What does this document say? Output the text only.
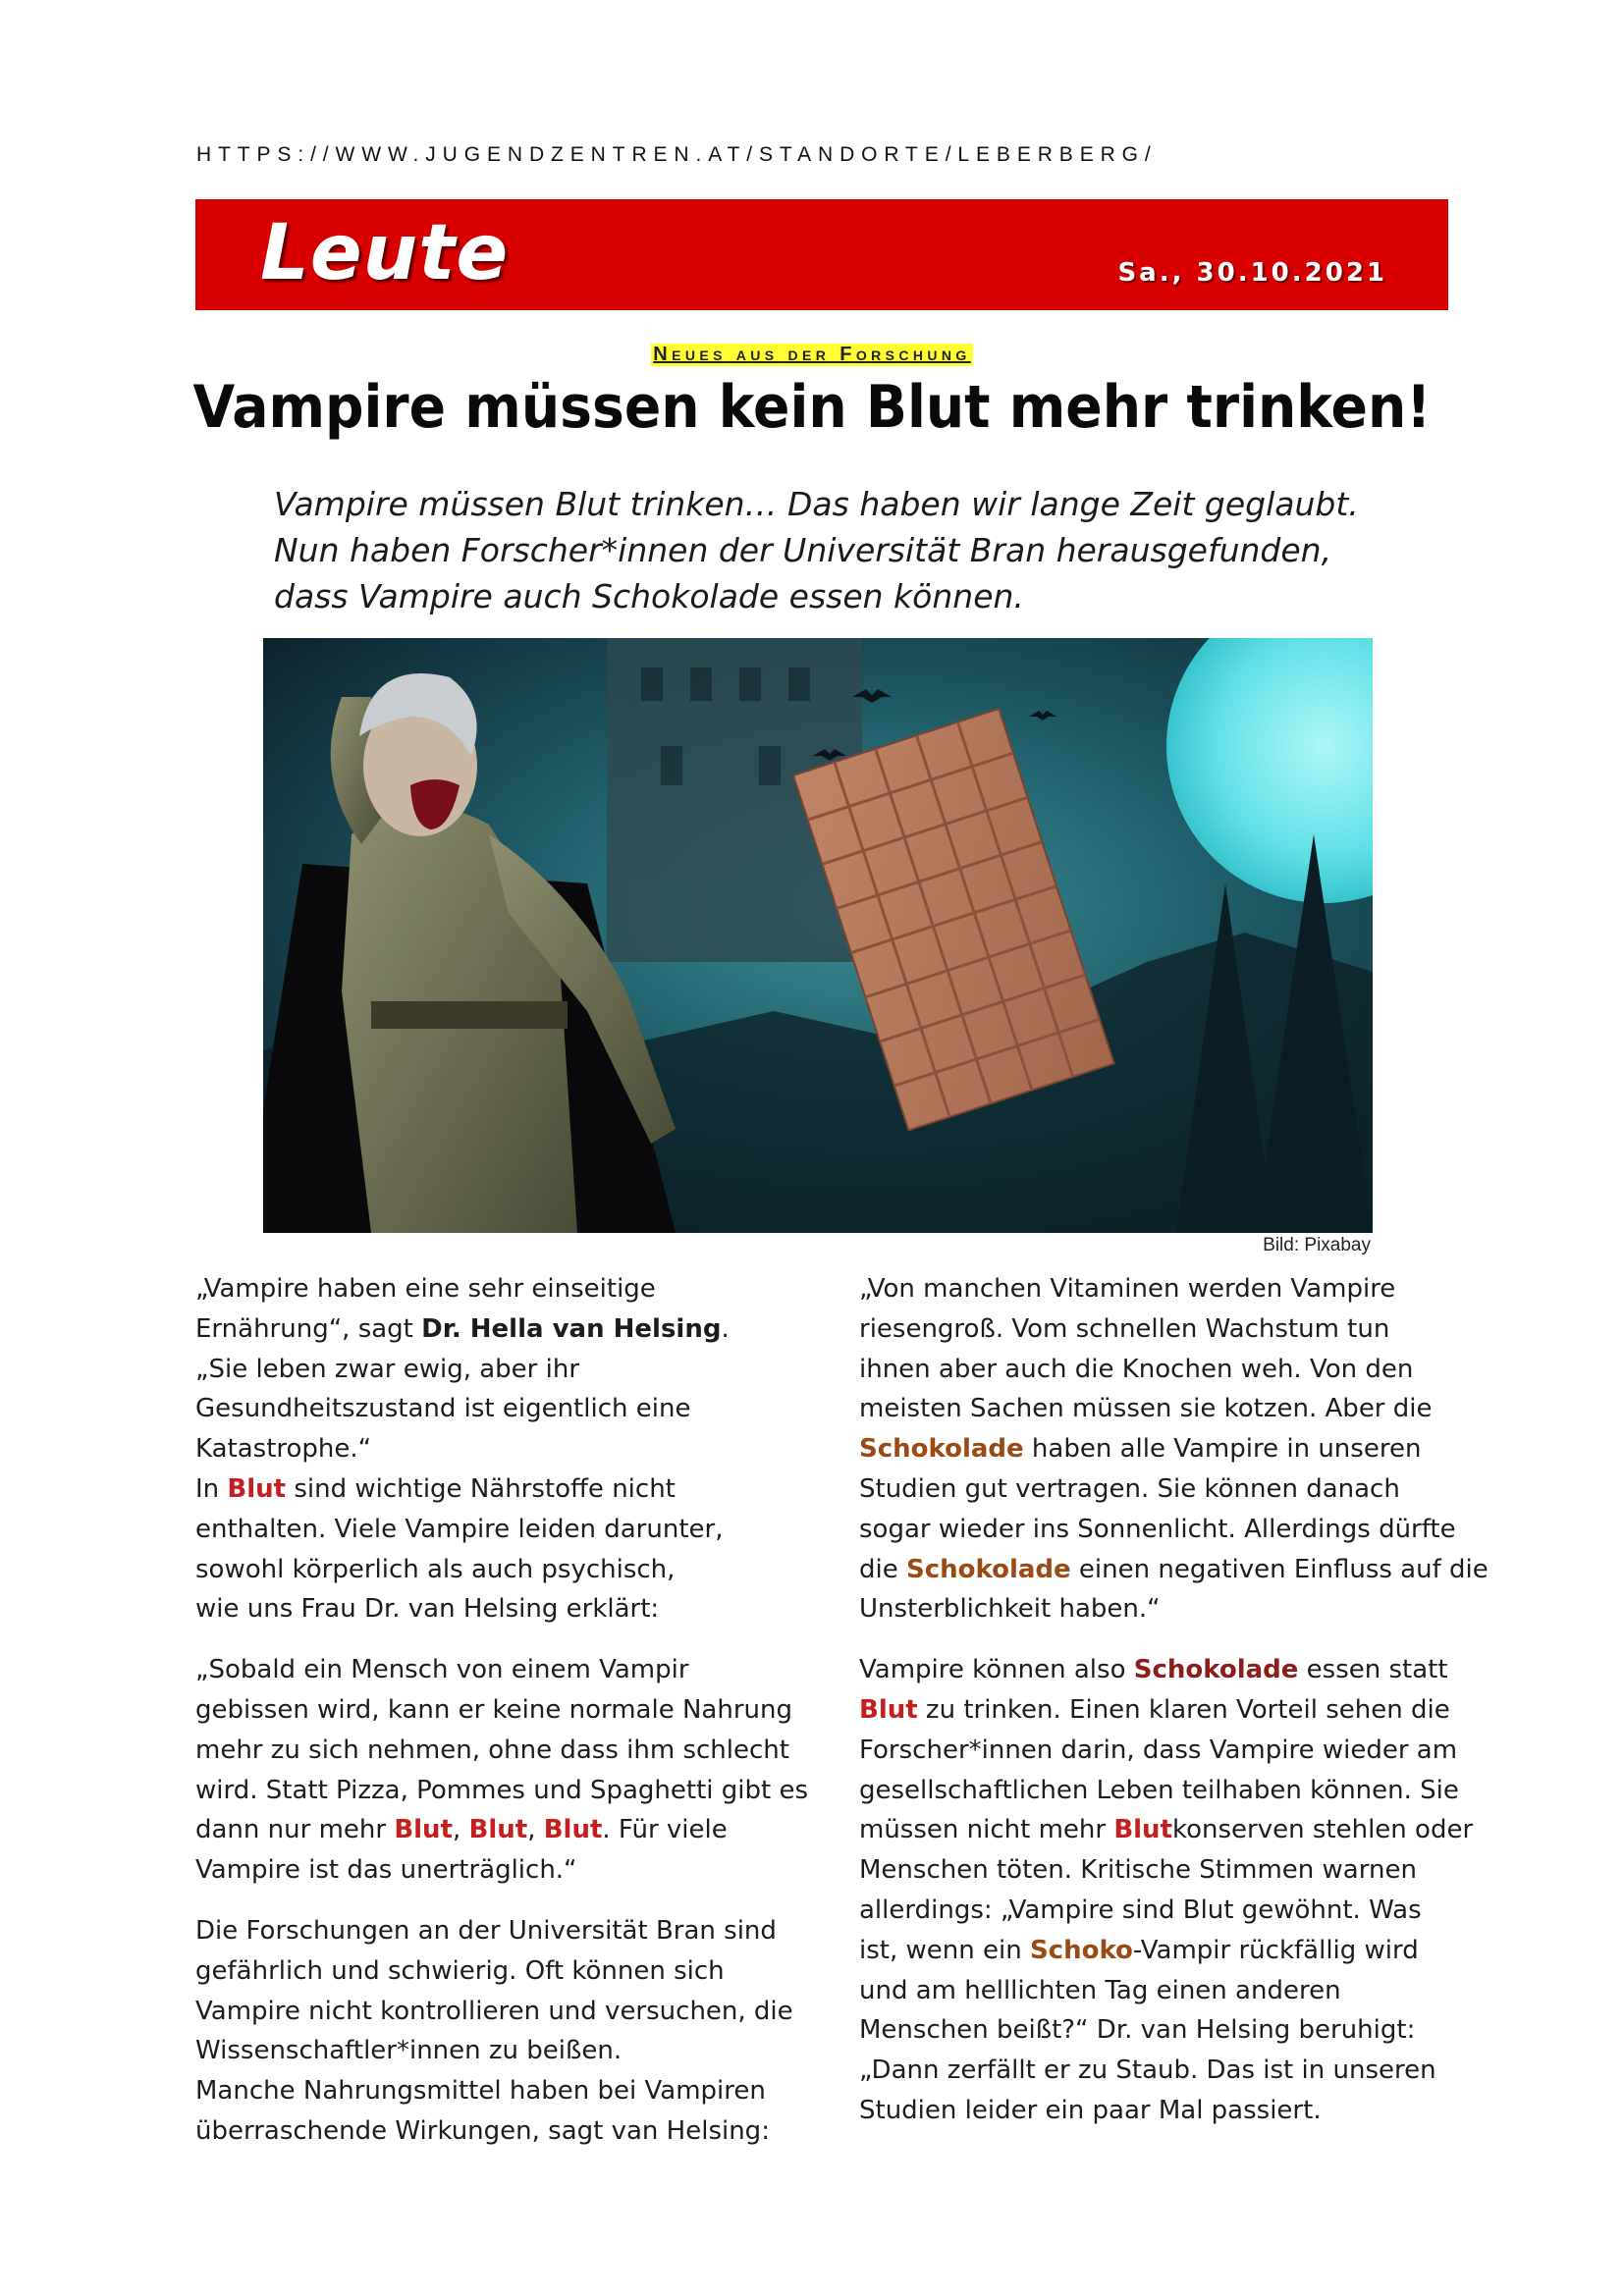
HTTPS://WWW.JUGENDZENTREN.AT/STANDORTE/LEBERBERG/
Leute	Sa., 30.10.2021
Neues aus der Forschung
Vampire müssen kein Blut mehr trinken!

Vampire müssen Blut trinken… Das haben wir lange Zeit geglaubt.

Nun haben Forscher*innen der Universität Bran herausgefunden,

dass Vampire auch Schokolade essen können.

Bild: Pixabay

„Vampire haben eine sehr einseitige
Ernährung“, sagt Dr. Hella van Helsing.
„Sie leben zwar ewig, aber ihr
Gesundheitszustand ist eigentlich eine
Katastrophe.“
In Blut sind wichtige Nährstoffe nicht
enthalten. Viele Vampire leiden darunter,
sowohl körperlich als auch psychisch,
wie uns Frau Dr. van Helsing erklärt:

„Sobald ein Mensch von einem Vampir
gebissen wird, kann er keine normale Nahrung
mehr zu sich nehmen, ohne dass ihm schlecht
wird. Statt Pizza, Pommes und Spaghetti gibt es
dann nur mehr Blut, Blut, Blut. Für viele
Vampire ist das unerträglich.“

Die Forschungen an der Universität Bran sind
gefährlich und schwierig. Oft können sich
Vampire nicht kontrollieren und versuchen, die
Wissenschaftler*innen zu beißen.
Manche Nahrungsmittel haben bei Vampiren
überraschende Wirkungen, sagt van Helsing:

„Von manchen Vitaminen werden Vampire
riesengroß. Vom schnellen Wachstum tun
ihnen aber auch die Knochen weh. Von den
meisten Sachen müssen sie kotzen. Aber die
Schokolade haben alle Vampire in unseren
Studien gut vertragen. Sie können danach
sogar wieder ins Sonnenlicht. Allerdings dürfte
die Schokolade einen negativen Einfluss auf die
Unsterblichkeit haben.“

Vampire können also Schokolade essen statt
Blut zu trinken. Einen klaren Vorteil sehen die
Forscher*innen darin, dass Vampire wieder am
gesellschaftlichen Leben teilhaben können. Sie
müssen nicht mehr Blutkonserven stehlen oder
Menschen töten. Kritische Stimmen warnen
allerdings: „Vampire sind Blut gewöhnt. Was
ist, wenn ein Schoko-Vampir rückfällig wird
und am helllichten Tag einen anderen
Menschen beißt?“ Dr. van Helsing beruhigt:
„Dann zerfällt er zu Staub. Das ist in unseren
Studien leider ein paar Mal passiert.
